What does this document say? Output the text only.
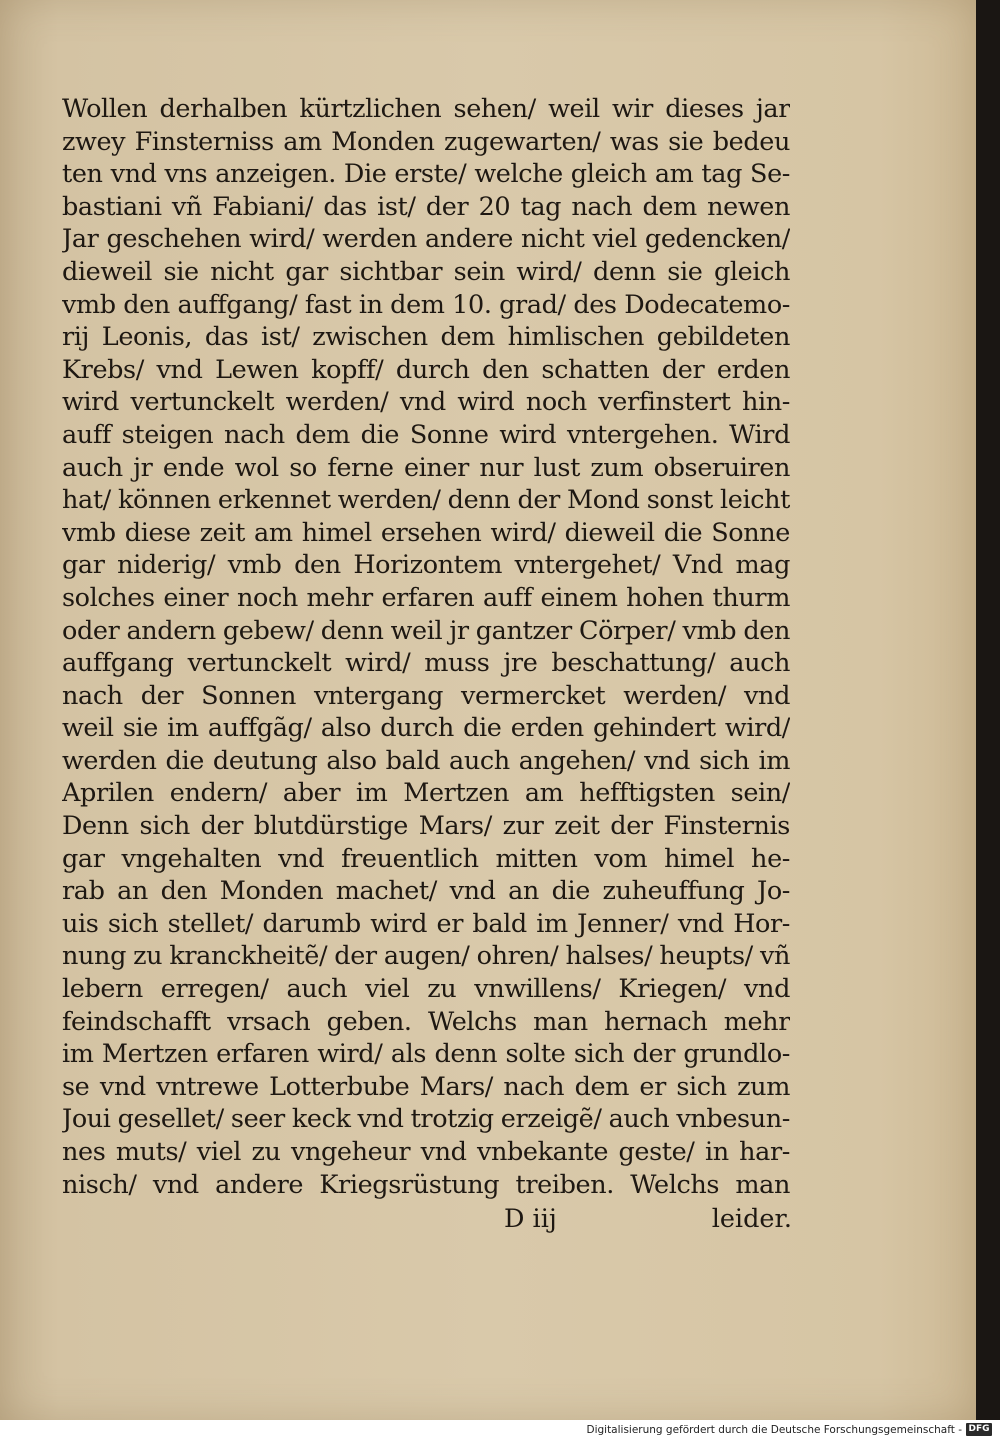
Wollen derhalben kürtzlichen sehen/ weil wir dieses jar
zwey Finsterniss am Monden zugewarten/ was sie bedeu
ten vnd vns anzeigen. Die erste/ welche gleich am tag Se-
bastiani vñ Fabiani/ das ist/ der 20 tag nach dem newen
Jar geschehen wird/ werden andere nicht viel gedencken/
dieweil sie nicht gar sichtbar sein wird/ denn sie gleich
vmb den auffgang/ fast in dem 10. grad/ des Dodecatemo-
rij Leonis, das ist/ zwischen dem himlischen gebildeten
Krebs/ vnd Lewen kopff/ durch den schatten der erden
wird vertunckelt werden/ vnd wird noch verfinstert hin-
auff steigen nach dem die Sonne wird vntergehen. Wird
auch jr ende wol so ferne einer nur lust zum obseruiren
hat/ können erkennet werden/ denn der Mond sonst leicht
vmb diese zeit am himel ersehen wird/ dieweil die Sonne
gar niderig/ vmb den Horizontem vntergehet/ Vnd mag
solches einer noch mehr erfaren auff einem hohen thurm
oder andern gebew/ denn weil jr gantzer Cörper/ vmb den
auffgang vertunckelt wird/ muss jre beschattung/ auch
nach der Sonnen vntergang vermercket werden/ vnd
weil sie im auffgãg/ also durch die erden gehindert wird/
werden die deutung also bald auch angehen/ vnd sich im
Aprilen endern/ aber im Mertzen am hefftigsten sein/
Denn sich der blutdürstige Mars/ zur zeit der Finsternis
gar vngehalten vnd freuentlich mitten vom himel he-
rab an den Monden machet/ vnd an die zuheuffung Jo-
uis sich stellet/ darumb wird er bald im Jenner/ vnd Hor-
nung zu kranckheitẽ/ der augen/ ohren/ halses/ heupts/ vñ
lebern erregen/ auch viel zu vnwillens/ Kriegen/ vnd
feindschafft vrsach geben. Welchs man hernach mehr
im Mertzen erfaren wird/ als denn solte sich der grundlo-
se vnd vntrewe Lotterbube Mars/ nach dem er sich zum
Joui gesellet/ seer keck vnd trotzig erzeigẽ/ auch vnbesun-
nes muts/ viel zu vngeheur vnd vnbekante geste/ in har-
nisch/ vnd andere Kriegsrüstung treiben. Welchs man
D iij	leider.
Digitalisierung gefördert durch die Deutsche Forschungsgemeinschaft - DFG
